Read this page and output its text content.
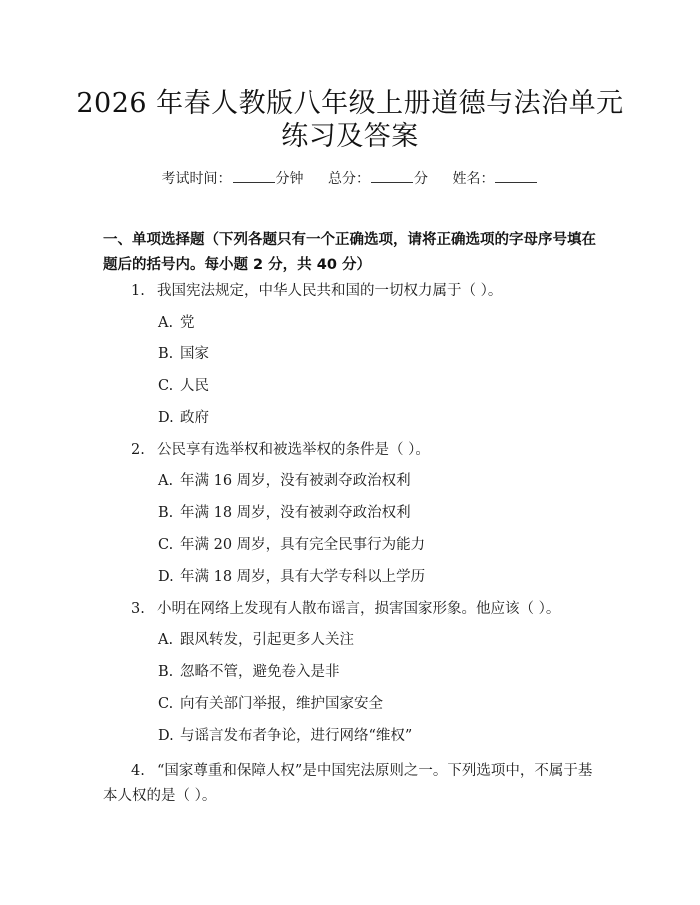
2026 年春人教版八年级上册道德与法治单元
练习及答案
考试时间：	分钟 总分：	分 姓名：
一、单项选择题（下列各题只有一个正确选项，请将正确选项的字母序号填在题后的括号内。每小题 2 分，共 40 分）
1. 我国宪法规定，中华人民共和国的一切权力属于（ ）。
A. 党
B. 国家
C. 人民
D. 政府
2. 公民享有选举权和被选举权的条件是（ ）。
A. 年满 16 周岁，没有被剥夺政治权利
B. 年满 18 周岁，没有被剥夺政治权利
C. 年满 20 周岁，具有完全民事行为能力
D. 年满 18 周岁，具有大学专科以上学历
3. 小明在网络上发现有人散布谣言，损害国家形象。他应该（ ）。
A. 跟风转发，引起更多人关注
B. 忽略不管，避免卷入是非
C. 向有关部门举报，维护国家安全
D. 与谣言发布者争论，进行网络“维权”
4. “国家尊重和保障人权”是中国宪法原则之一。下列选项中，不属于基本人权的是（ ）。
